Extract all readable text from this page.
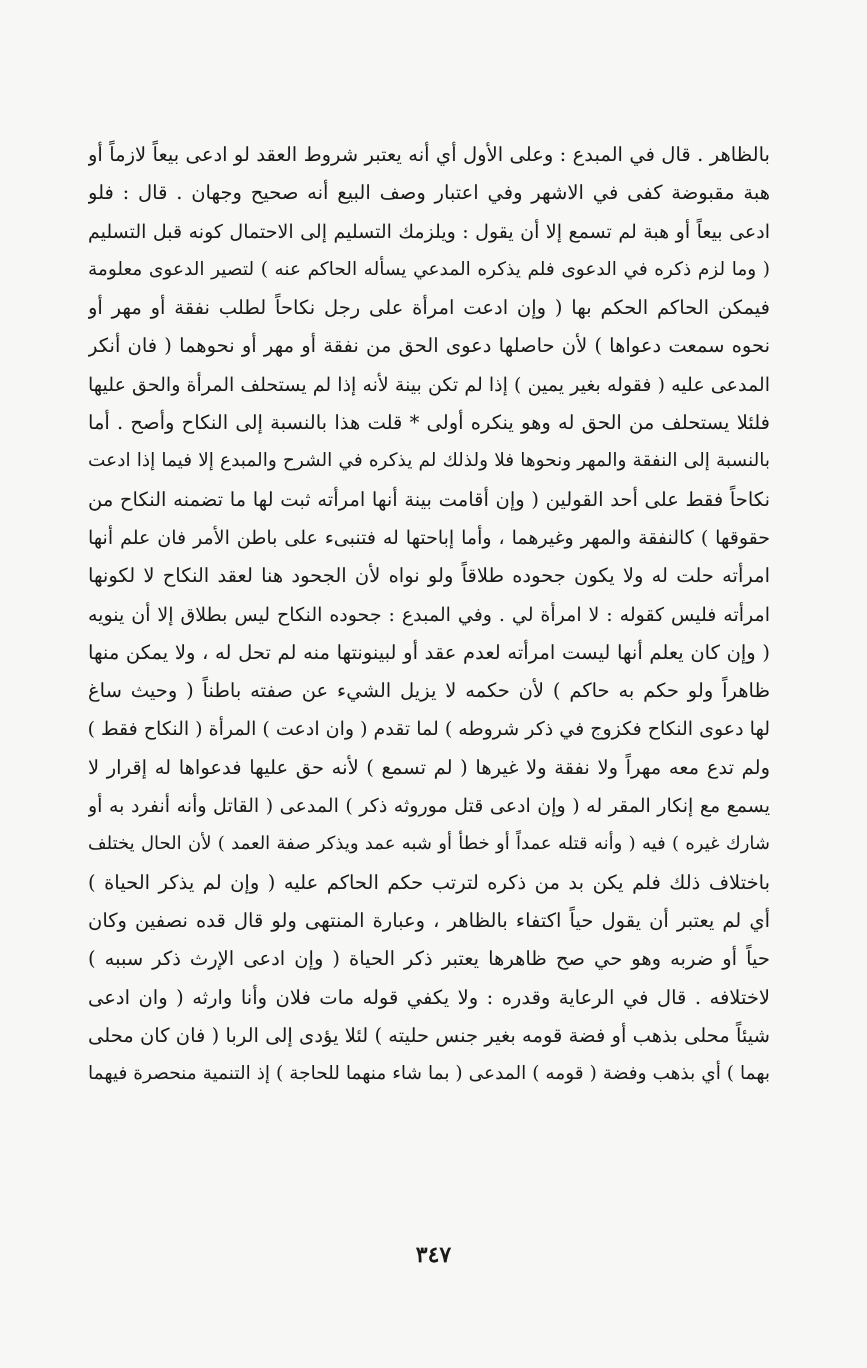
بالظاهر . قال في المبدع : وعلى الأول أي أنه يعتبر شروط العقد لو ادعى بيعاً لازماً أو
هبة مقبوضة كفى في الاشهر وفي اعتبار وصف البيع أنه صحيح وجهان . قال : فلو
ادعى بيعاً أو هبة لم تسمع إلا أن يقول : ويلزمك التسليم إلى الاحتمال كونه قبل التسليم
( وما لزم ذكره في الدعوى فلم يذكره المدعي يسأله الحاكم عنه ) لتصير الدعوى معلومة
فيمكن الحاكم الحكم بها ( وإن ادعت امرأة على رجل نكاحاً لطلب نفقة أو مهر أو
نحوه سمعت دعواها ) لأن حاصلها دعوى الحق من نفقة أو مهر أو نحوهما ( فان أنكر
المدعى عليه ( فقوله بغير يمين ) إذا لم تكن بينة لأنه إذا لم يستحلف المرأة والحق عليها
فلئلا يستحلف من الحق له وهو ينكره أولى * قلت هذا بالنسبة إلى النكاح وأصح . أما
بالنسبة إلى النفقة والمهر ونحوها فلا ولذلك لم يذكره في الشرح والمبدع إلا فيما إذا ادعت
نكاحاً فقط على أحد القولين ( وإن أقامت بينة أنها امرأته ثبت لها ما تضمنه النكاح من
حقوقها ) كالنفقة والمهر وغيرهما ، وأما إباحتها له فتنبىء على باطن الأمر فان علم أنها
امرأته حلت له ولا يكون جحوده طلاقاً ولو نواه لأن الجحود هنا لعقد النكاح لا لكونها
امرأته فليس كقوله : لا امرأة لي . وفي المبدع : جحوده النكاح ليس بطلاق إلا أن ينويه
( وإن كان يعلم أنها ليست امرأته لعدم عقد أو لبينونتها منه لم تحل له ، ولا يمكن منها
ظاهراً ولو حكم به حاكم ) لأن حكمه لا يزيل الشيء عن صفته باطناً ( وحيث ساغ
لها دعوى النكاح فكزوج في ذكر شروطه ) لما تقدم ( وان ادعت ) المرأة ( النكاح فقط )
ولم تدع معه مهراً ولا نفقة ولا غيرها ( لم تسمع ) لأنه حق عليها فدعواها له إقرار لا
يسمع مع إنكار المقر له ( وإن ادعى قتل موروثه ذكر ) المدعى ( القاتل وأنه أنفرد به أو
شارك غيره ) فيه ( وأنه قتله عمداً أو خطأ أو شبه عمد ويذكر صفة العمد ) لأن الحال يختلف
باختلاف ذلك فلم يكن بد من ذكره لترتب حكم الحاكم عليه ( وإن لم يذكر الحياة )
أي لم يعتبر أن يقول حياً اكتفاء بالظاهر ، وعبارة المنتهى ولو قال قده نصفين وكان
حياً أو ضربه وهو حي صح ظاهرها يعتبر ذكر الحياة ( وإن ادعى الإرث ذكر سببه )
لاختلافه . قال في الرعاية وقدره : ولا يكفي قوله مات فلان وأنا وارثه ( وان ادعى
شيئاً محلى بذهب أو فضة قومه بغير جنس حليته ) لئلا يؤدى إلى الربا ( فان كان محلى
بهما ) أي بذهب وفضة ( قومه ) المدعى ( بما شاء منهما للحاجة ) إذ التنمية منحصرة فيهما
٣٤٧
